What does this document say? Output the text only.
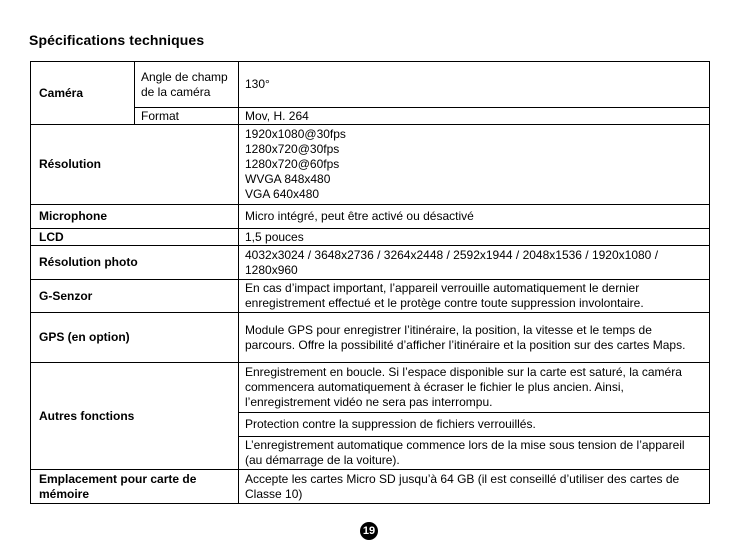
Spécifications techniques
Caméra	Angle de champ de la caméra	130°
	Format	Mov, H. 264
Résolution		1920x1080@30fps
1280x720@30fps
1280x720@60fps
WVGA 848x480
VGA 640x480

Microphone		Micro intégré, peut être activé ou désactivé
LCD		1,5 pouces
Résolution photo		4032x3024 / 3648x2736 / 3264x2448 / 2592x1944 / 2048x1536 / 1920x1080 / 1280x960
G-Senzor		En cas d’impact important, l’appareil verrouille automatiquement le dernier enregistrement effectué et le protège contre toute suppression involontaire.
GPS (en option)		Module GPS pour enregistrer l’itinéraire, la position, la vitesse et le temps de parcours. Offre la possibilité d’afficher l’itinéraire et la position sur des cartes Maps.
Autres fonctions		Enregistrement en boucle. Si l’espace disponible sur la carte est saturé, la caméra commencera automatiquement à écraser le fichier le plus ancien. Ainsi, l’enregistrement vidéo ne sera pas interrompu.
		Protection contre la suppression de fichiers verrouillés.
		L’enregistrement automatique commence lors de la mise sous tension de l’appareil (au démarrage de la voiture).
Emplacement pour carte de mémoire		Accepte les cartes Micro SD jusqu’à 64 GB (il est conseillé d’utiliser des cartes de Classe 10)
19
